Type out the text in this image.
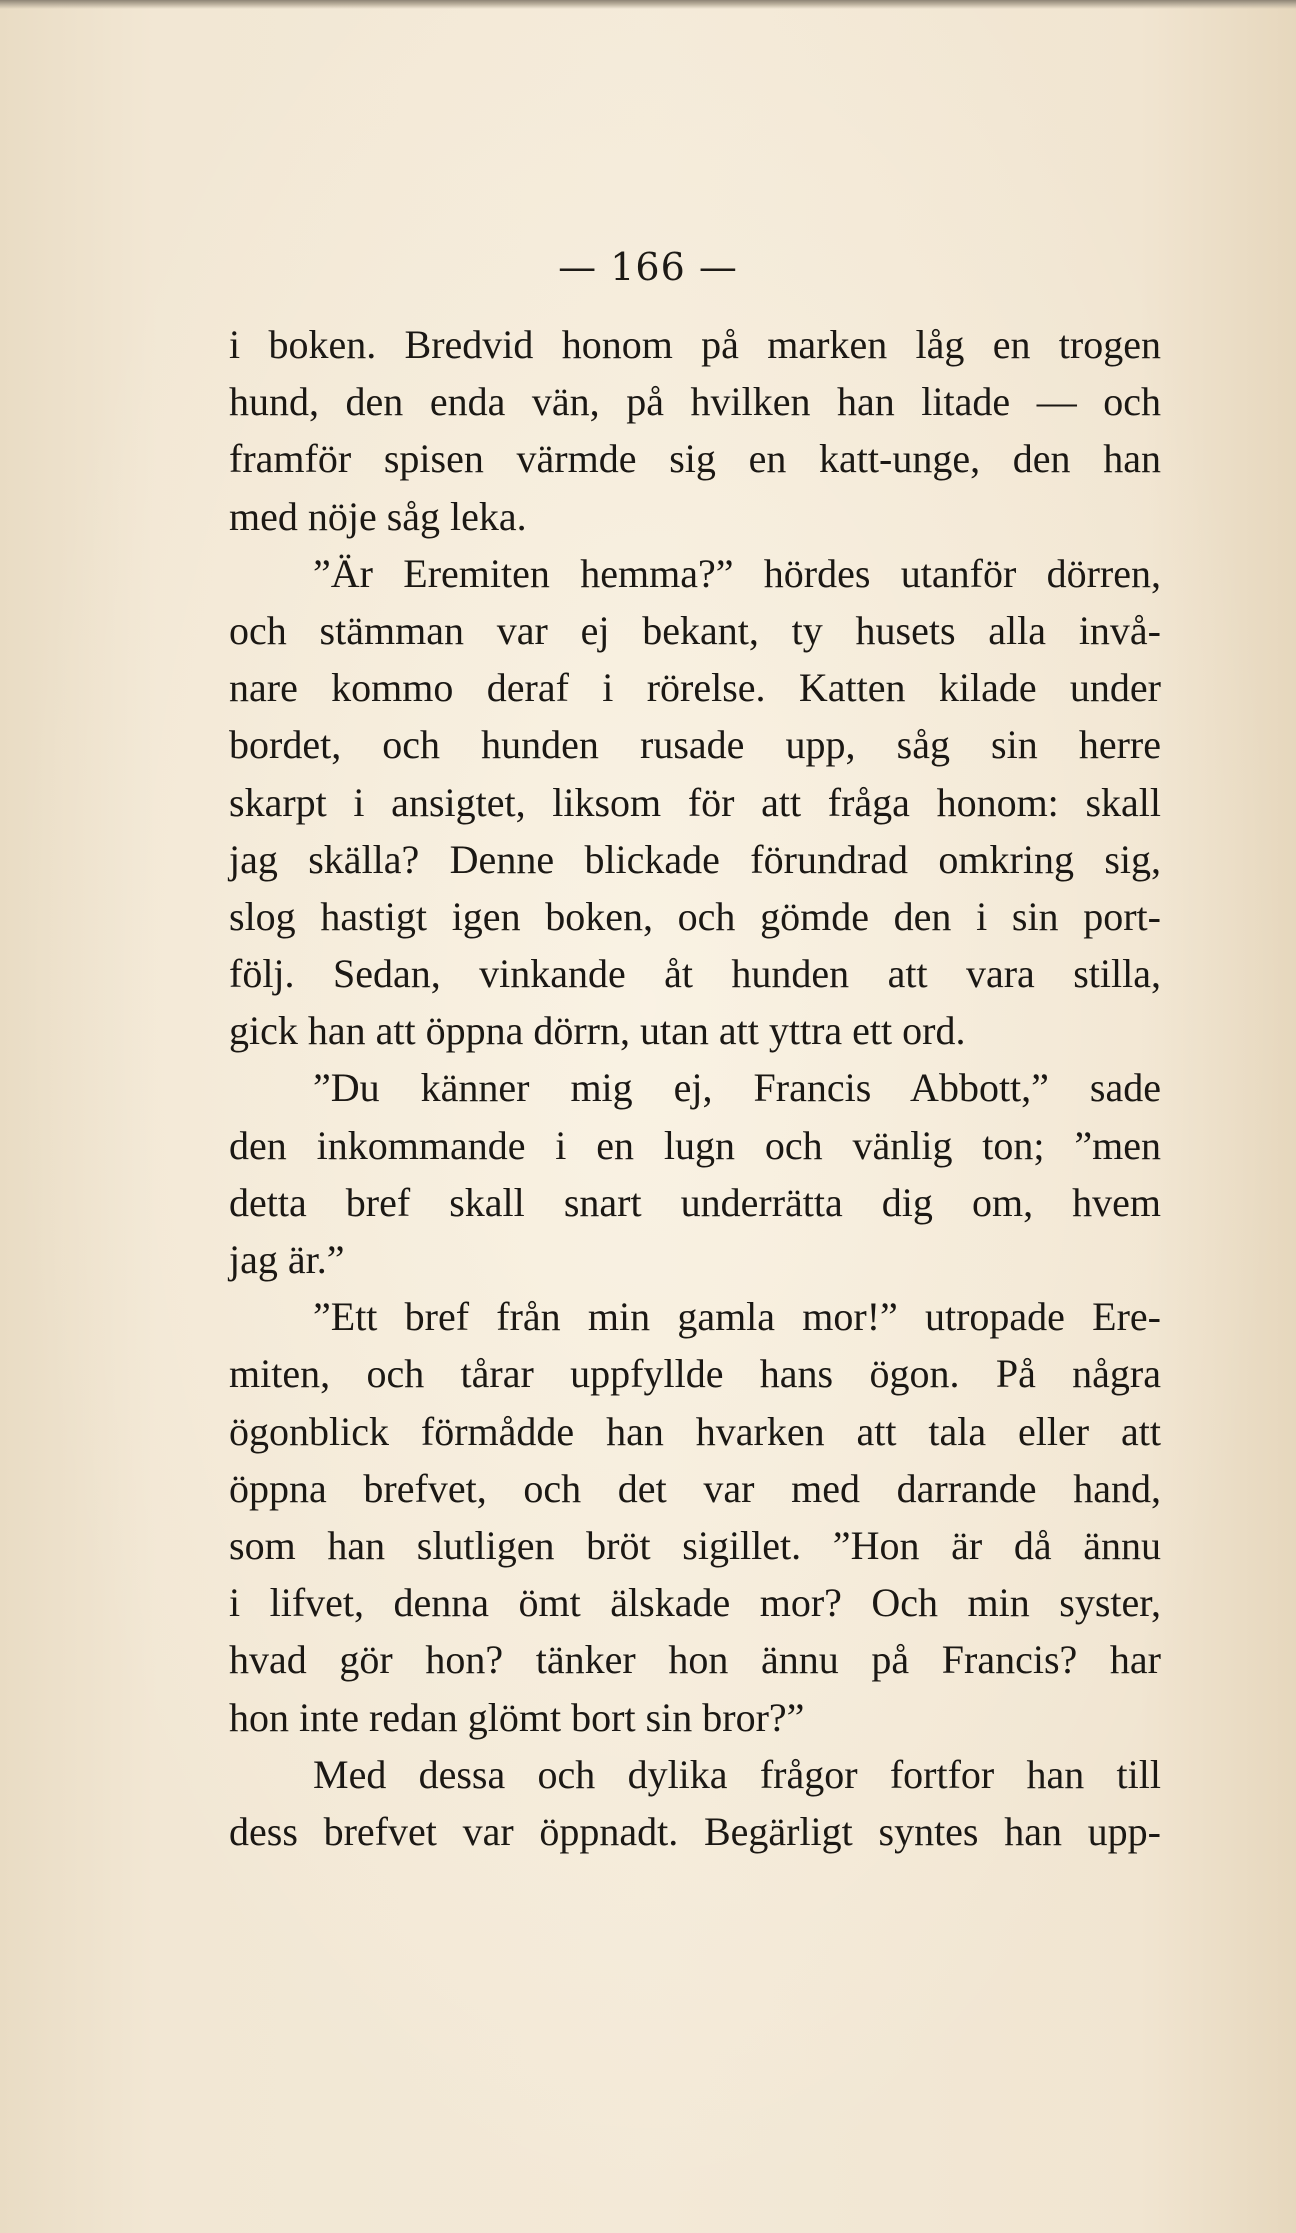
— 166 —
i boken. Bredvid honom på marken låg en trogen
hund, den enda vän, på hvilken han litade — och
framför spisen värmde sig en katt-unge, den han
med nöje såg leka.
”Är Eremiten hemma?” hördes utanför dörren,
och stämman var ej bekant, ty husets alla invå-
nare kommo deraf i rörelse. Katten kilade under
bordet, och hunden rusade upp, såg sin herre
skarpt i ansigtet, liksom för att fråga honom: skall
jag skälla? Denne blickade förundrad omkring sig,
slog hastigt igen boken, och gömde den i sin port-
följ. Sedan, vinkande åt hunden att vara stilla,
gick han att öppna dörrn, utan att yttra ett ord.
”Du känner mig ej, Francis Abbott,” sade
den inkommande i en lugn och vänlig ton; ”men
detta bref skall snart underrätta dig om, hvem
jag är.”
”Ett bref från min gamla mor!” utropade Ere-
miten, och tårar uppfyllde hans ögon. På några
ögonblick förmådde han hvarken att tala eller att
öppna brefvet, och det var med darrande hand,
som han slutligen bröt sigillet. ”Hon är då ännu
i lifvet, denna ömt älskade mor? Och min syster,
hvad gör hon? tänker hon ännu på Francis? har
hon inte redan glömt bort sin bror?”
Med dessa och dylika frågor fortfor han till
dess brefvet var öppnadt. Begärligt syntes han upp-
